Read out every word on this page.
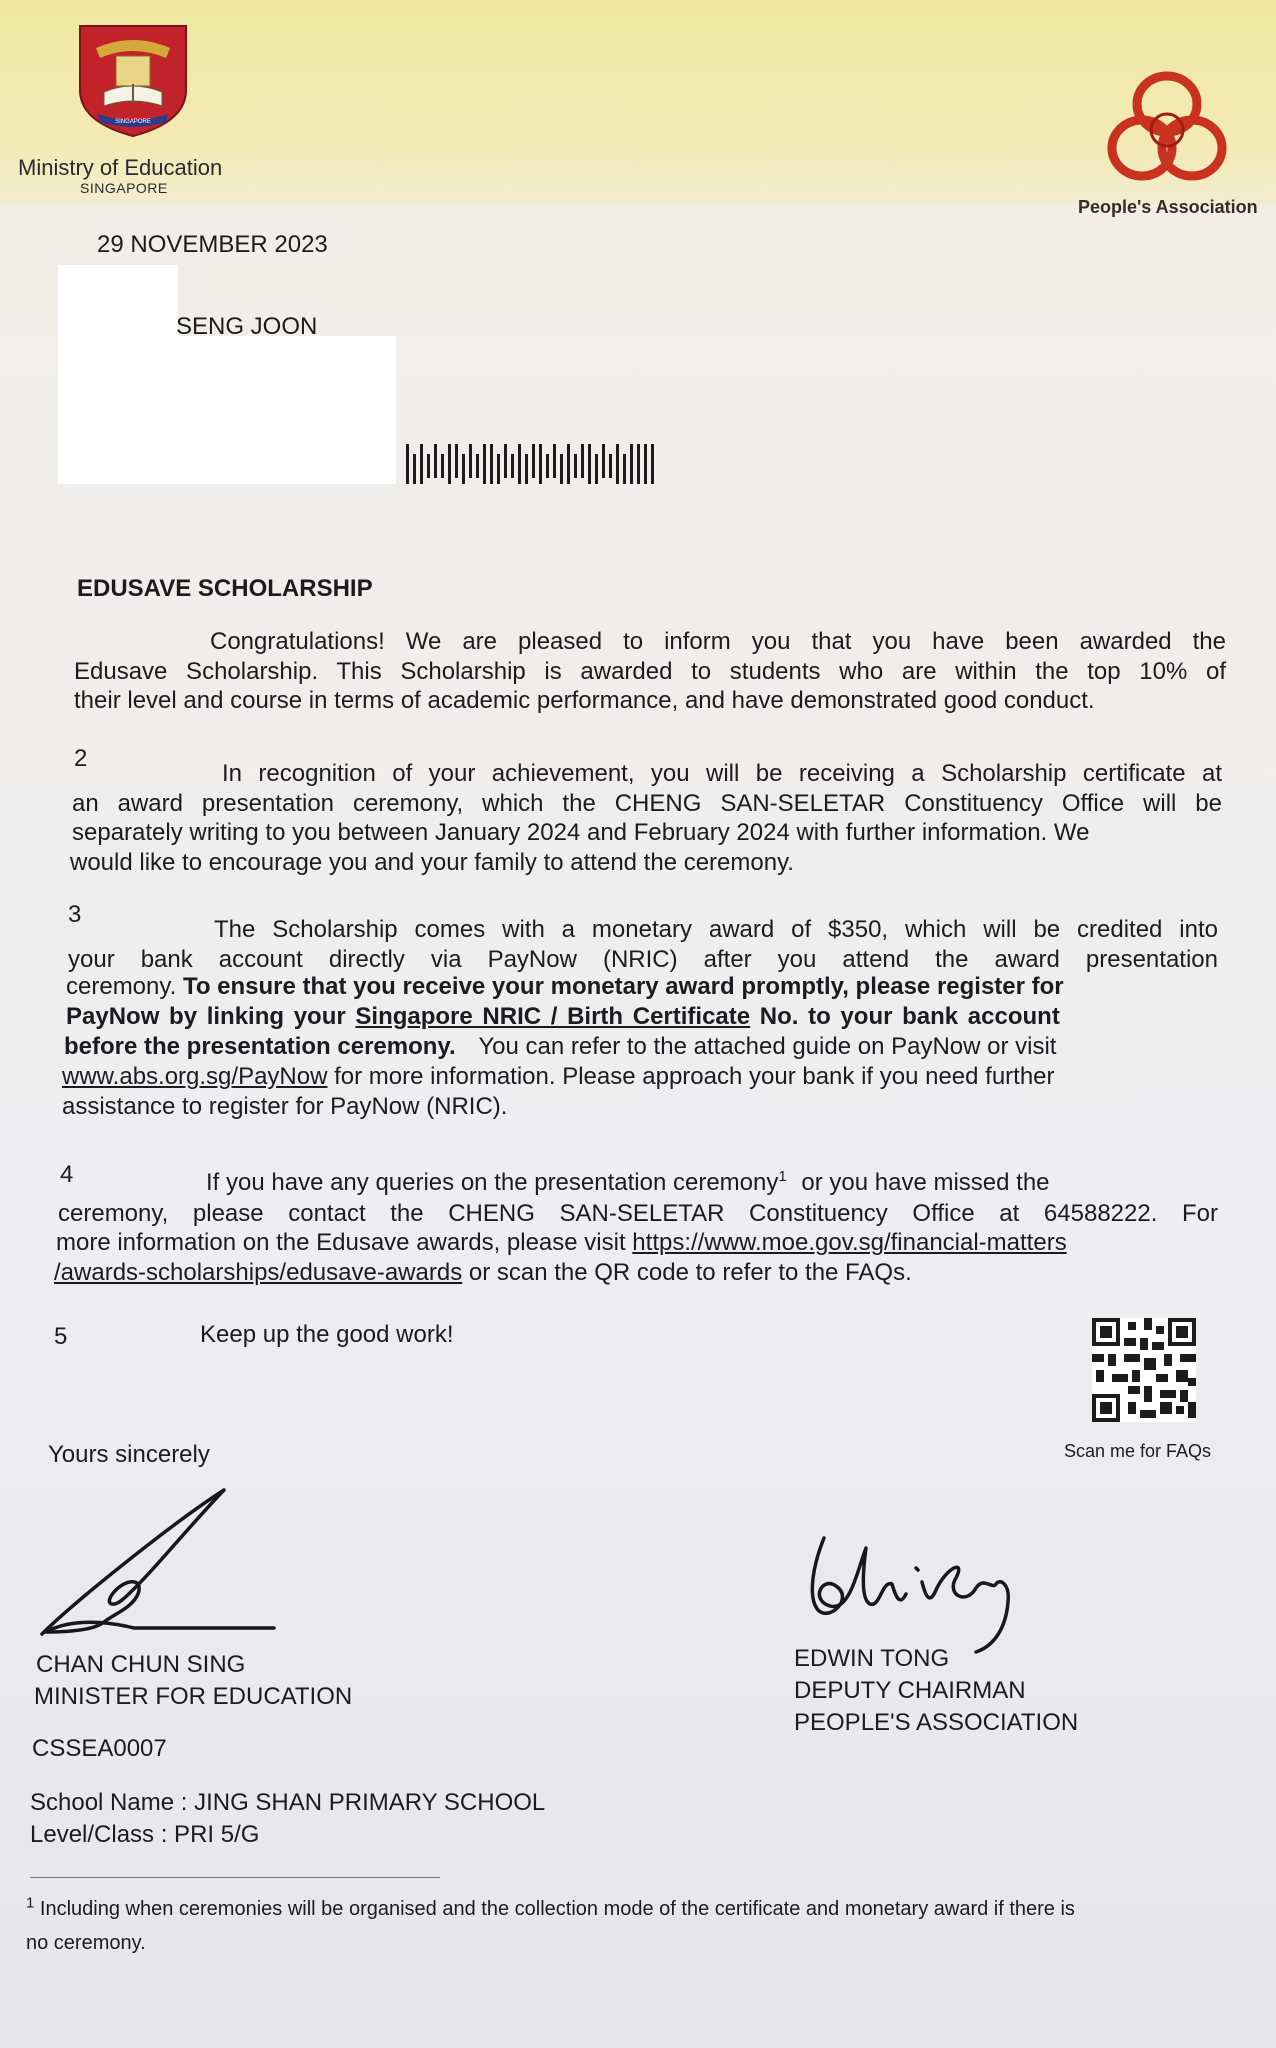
SINGAPORE
Ministry of Education
SINGAPORE
People's Association
29 NOVEMBER 2023
SENG JOON
EDUSAVE SCHOLARSHIP
Congratulations! We are pleased to inform you that you have been awarded the
Edusave Scholarship. This Scholarship is awarded to students who are within the top 10% of
their level and course in terms of academic performance, and have demonstrated good conduct.
2
In recognition of your achievement, you will be receiving a Scholarship certificate at
an award presentation ceremony, which the CHENG SAN-SELETAR Constituency Office will be
separately writing to you between January 2024 and February 2024 with further information. We
would like to encourage you and your family to attend the ceremony.
3
The Scholarship comes with a monetary award of $350, which will be credited into
your bank account directly via PayNow (NRIC) after you attend the award presentation
ceremony. To ensure that you receive your monetary award promptly, please register for
PayNow by linking your Singapore NRIC / Birth Certificate No. to your bank account
before the presentation ceremony. You can refer to the attached guide on PayNow or visit
www.abs.org.sg/PayNow for more information. Please approach your bank if you need further
assistance to register for PayNow (NRIC).
4	If you have any queries on the presentation ceremony$^1$ or you have missed the
ceremony, please contact the CHENG SAN-SELETAR Constituency Office at 64588222. For
more information on the Edusave awards, please visit https://www.moe.gov.sg/financial-matters
/awards-scholarships/edusave-awards or scan the QR code to refer to the FAQs.
5	Keep up the good work!
Scan me for FAQs
Yours sincerely
CHAN CHUN SING
MINISTER FOR EDUCATION
EDWIN TONG
DEPUTY CHAIRMAN
PEOPLE'S ASSOCIATION
CSSEA0007
School Name : JING SHAN PRIMARY SCHOOL
Level/Class : PRI 5/G
$^1$ Including when ceremonies will be organised and the collection mode of the certificate and monetary award if there is
no ceremony.
